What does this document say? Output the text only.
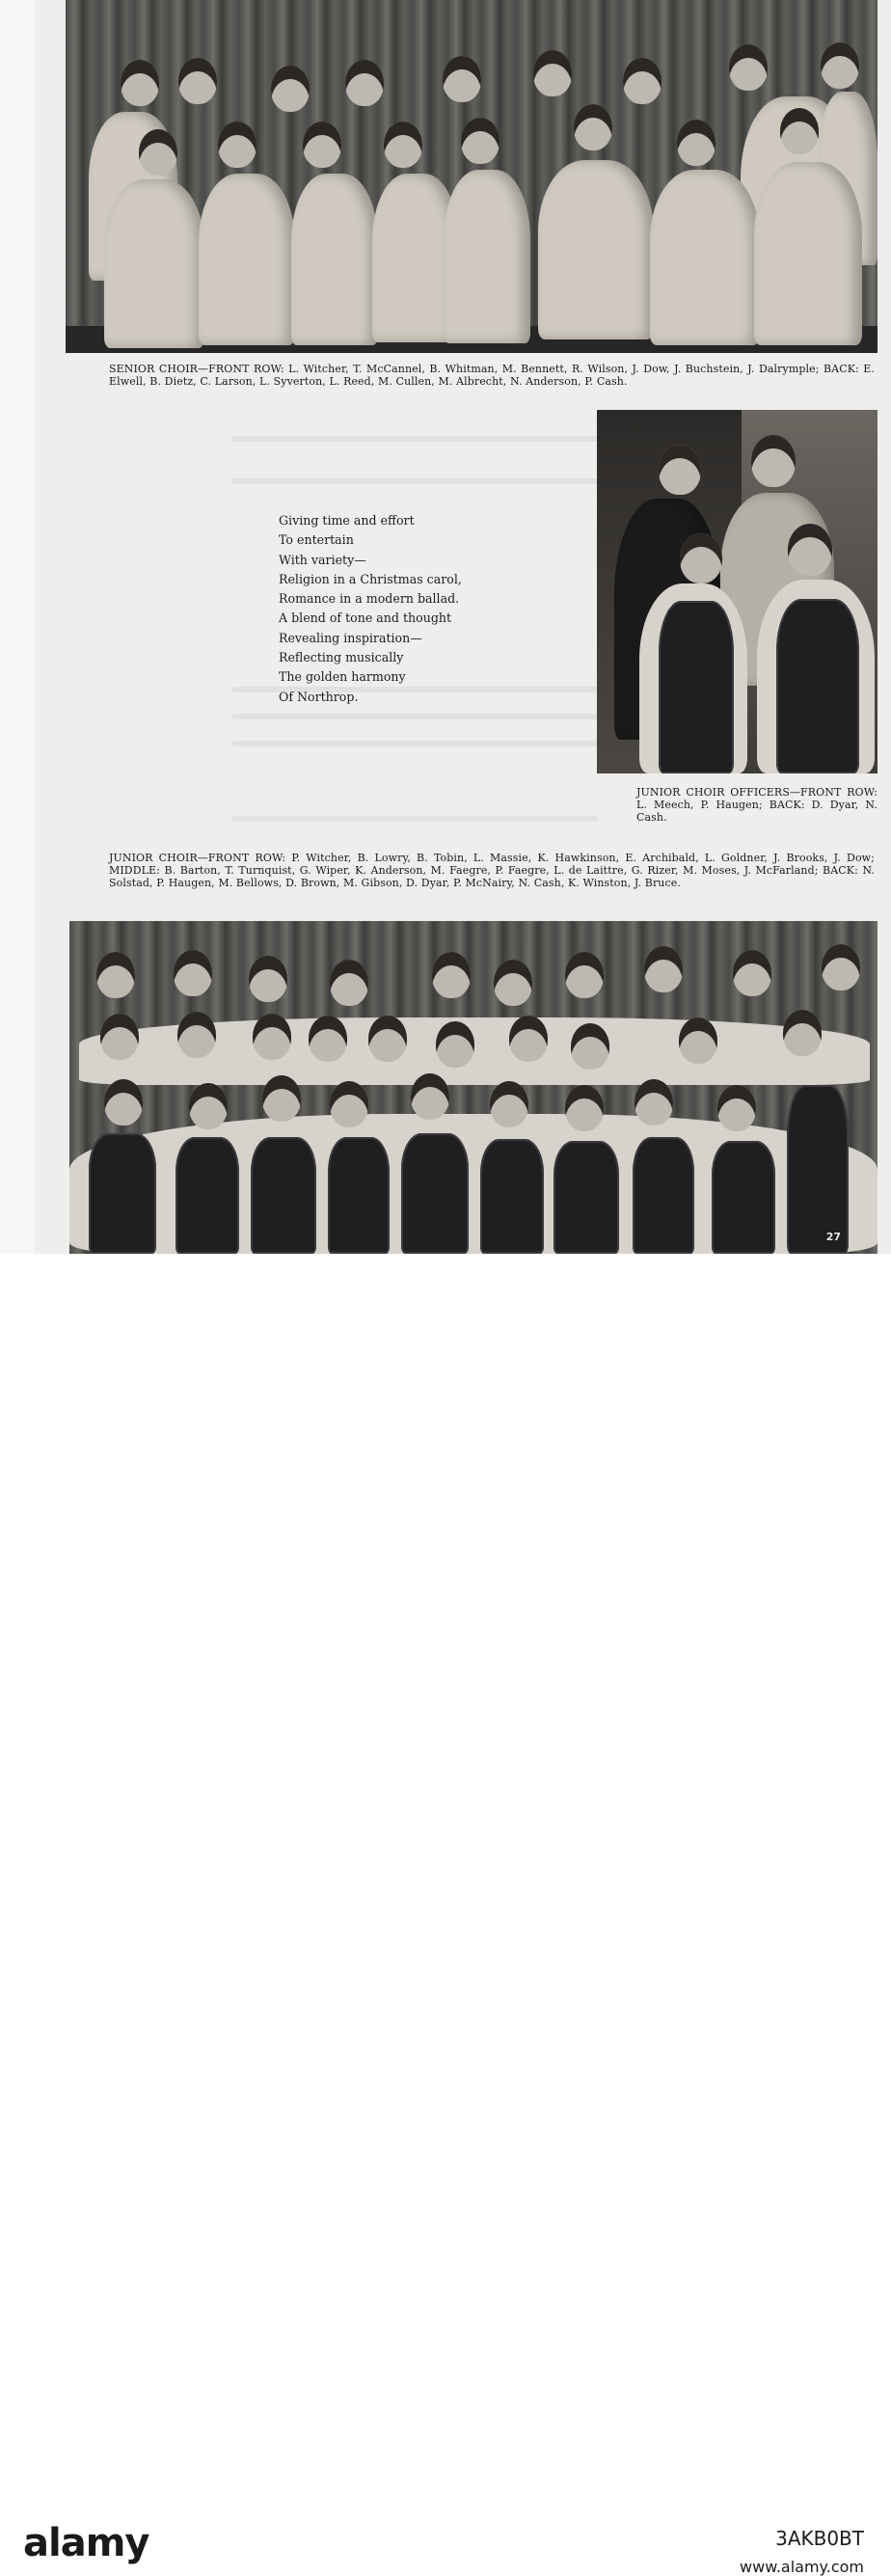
SENIOR CHOIR—FRONT ROW: L. Witcher, T. McCannel, B. Whitman, M. Bennett, R. Wilson, J. Dow, J. Buchstein, J. Dalrymple; BACK: E. Elwell, B. Dietz, C. Larson, L. Syverton, L. Reed, M. Cullen, M. Albrecht, N. Anderson, P. Cash.
Giving time and effort
To entertain
With variety—
Religion in a Christmas carol,
Romance in a modern ballad.
A blend of tone and thought
Revealing inspiration—
Reflecting musically
The golden harmony
Of Northrop.
JUNIOR CHOIR OFFICERS—FRONT ROW: L. Meech, P. Haugen; BACK: D. Dyar, N. Cash.
JUNIOR CHOIR—FRONT ROW: P. Witcher, B. Lowry, B. Tobin, L. Massie, K. Hawkinson, E. Archibald, L. Goldner, J. Brooks, J. Dow; MIDDLE: B. Barton, T. Turnquist, G. Wiper, K. Anderson, M. Faegre, P. Faegre, L. de Laittre, G. Rizer, M. Moses, J. McFarland; BACK: N. Solstad, P. Haugen, M. Bellows, D. Brown, M. Gibson, D. Dyar, P. McNairy, N. Cash, K. Winston, J. Bruce.
27
alamy	3AKB0BT
www.alamy.com
